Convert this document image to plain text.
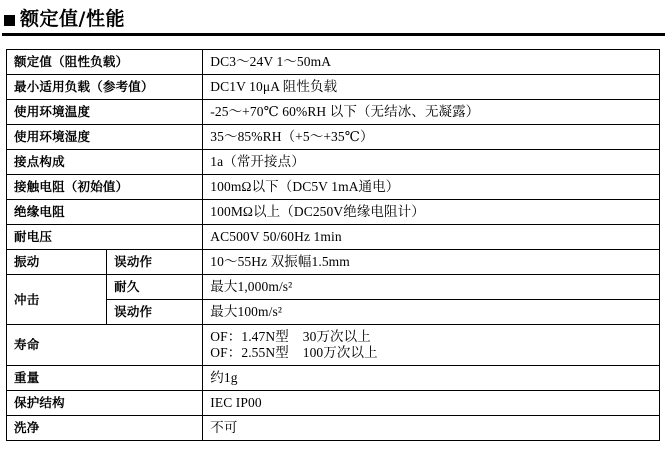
额定值/性能
额定值（阻性负载）		DC3～24V 1～50mA
最小适用负载（参考值）		DC1V 10μA 阻性负载
使用环境温度		-25～+70℃ 60%RH 以下（无结冰、无凝露）
使用环境湿度		35～85%RH（+5～+35℃）
接点构成		1a（常开接点）
接触电阻（初始值）		100mΩ以下（DC5V 1mA通电）
绝缘电阻		100MΩ以上（DC250V绝缘电阻计）
耐电压		AC500V 50/60Hz 1min
振动	误动作	10～55Hz 双振幅1.5mm
冲击	耐久	最大1,000m/s²
	误动作	最大100m/s²
寿命		OF：1.47N型    30万次以上
OF：2.55N型    100万次以上

重量		约1g
保护结构		IEC IP00
洗净		不可
